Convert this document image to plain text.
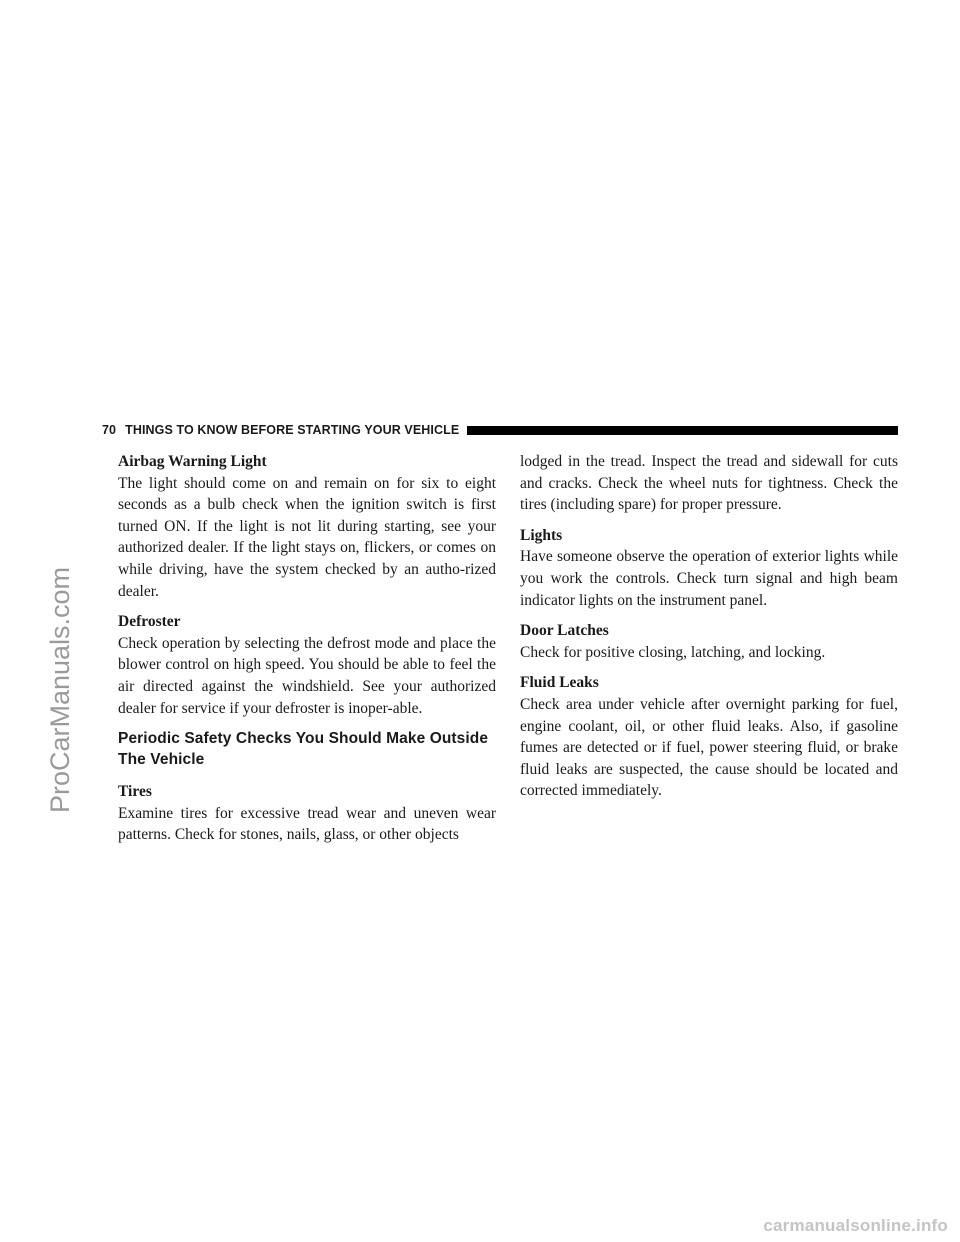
70 THINGS TO KNOW BEFORE STARTING YOUR VEHICLE

Airbag Warning Light

The light should come on and remain on for six to eight seconds as a bulb check when the ignition switch is first turned ON. If the light is not lit during starting, see your authorized dealer. If the light stays on, flickers, or comes on while driving, have the system checked by an autho-rized dealer.

Defroster

Check operation by selecting the defrost mode and place the blower control on high speed. You should be able to feel the air directed against the windshield. See your authorized dealer for service if your defroster is inoper-able.

Periodic Safety Checks You Should Make Outside The Vehicle

Tires

Examine tires for excessive tread wear and uneven wear patterns. Check for stones, nails, glass, or other objects

lodged in the tread. Inspect the tread and sidewall for cuts and cracks. Check the wheel nuts for tightness. Check the tires (including spare) for proper pressure.

Lights

Have someone observe the operation of exterior lights while you work the controls. Check turn signal and high beam indicator lights on the instrument panel.

Door Latches

Check for positive closing, latching, and locking.

Fluid Leaks

Check area under vehicle after overnight parking for fuel, engine coolant, oil, or other fluid leaks. Also, if gasoline fumes are detected or if fuel, power steering fluid, or brake fluid leaks are suspected, the cause should be located and corrected immediately.

ProCarManuals.com
carmanualsonline.info
